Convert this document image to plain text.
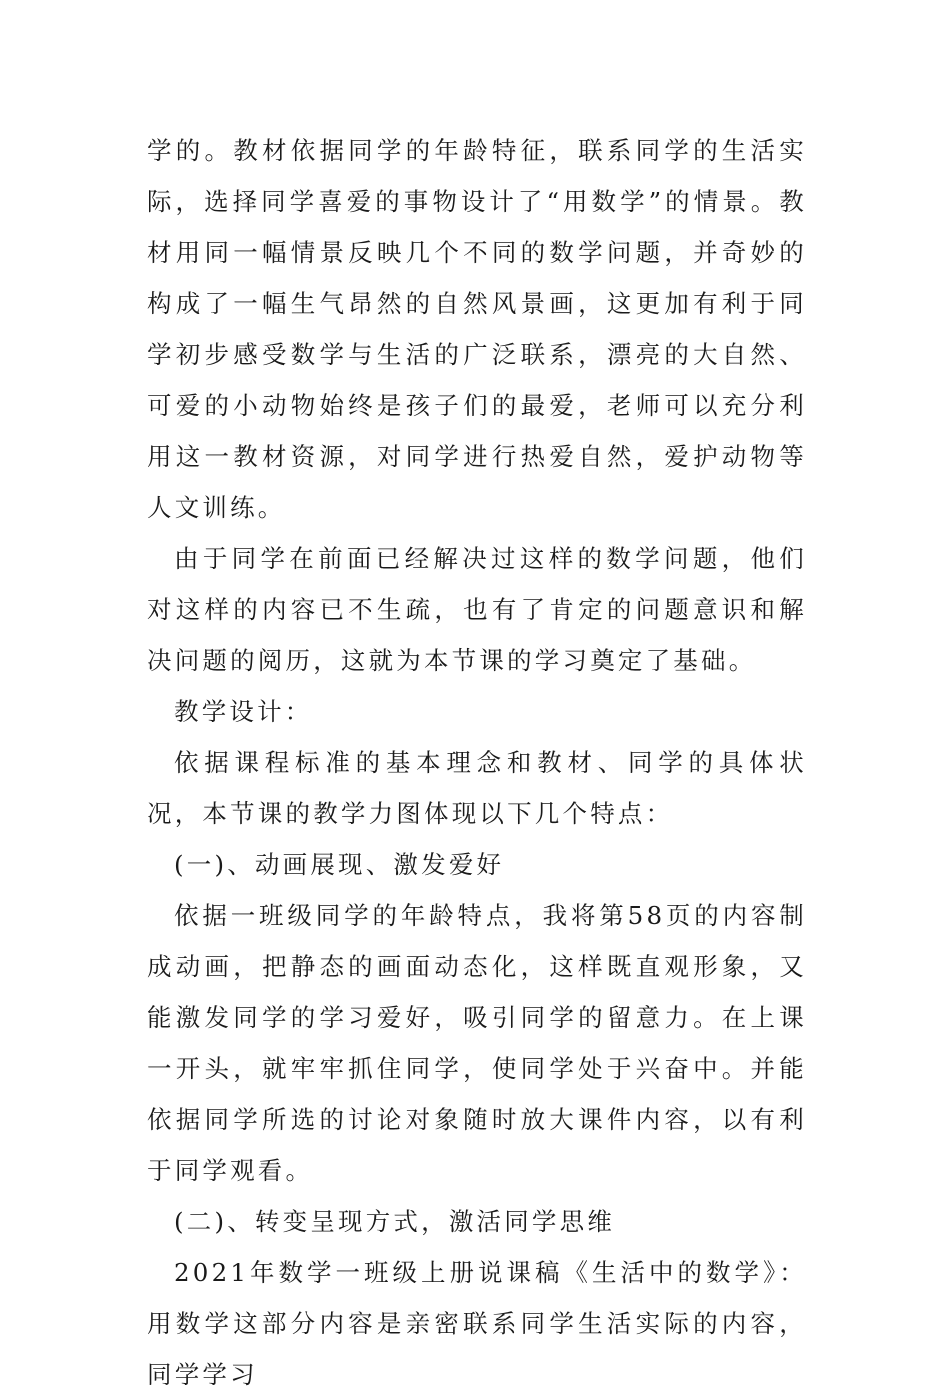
学的。教材依据同学的年龄特征，联系同学的生活实际，选择同学喜爱的事物设计了“用数学”的情景。教材用同一幅情景反映几个不同的数学问题，并奇妙的构成了一幅生气昂然的自然风景画，这更加有利于同学初步感受数学与生活的广泛联系，漂亮的大自然、可爱的小动物始终是孩子们的最爱，老师可以充分利用这一教材资源，对同学进行热爱自然，爱护动物等人文训练。

由于同学在前面已经解决过这样的数学问题，他们对这样的内容已不生疏，也有了肯定的问题意识和解决问题的阅历，这就为本节课的学习奠定了基础。

教学设计：

依据课程标准的基本理念和教材、同学的具体状况，本节课的教学力图体现以下几个特点：

(一)、动画展现、激发爱好

依据一班级同学的年龄特点，我将第58页的内容制成动画，把静态的画面动态化，这样既直观形象，又能激发同学的学习爱好，吸引同学的留意力。在上课一开头，就牢牢抓住同学，使同学处于兴奋中。并能依据同学所选的讨论对象随时放大课件内容，以有利于同学观看。

(二)、转变呈现方式，激活同学思维

2021年数学一班级上册说课稿《生活中的数学》：用数学这部分内容是亲密联系同学生活实际的内容，同学学习
